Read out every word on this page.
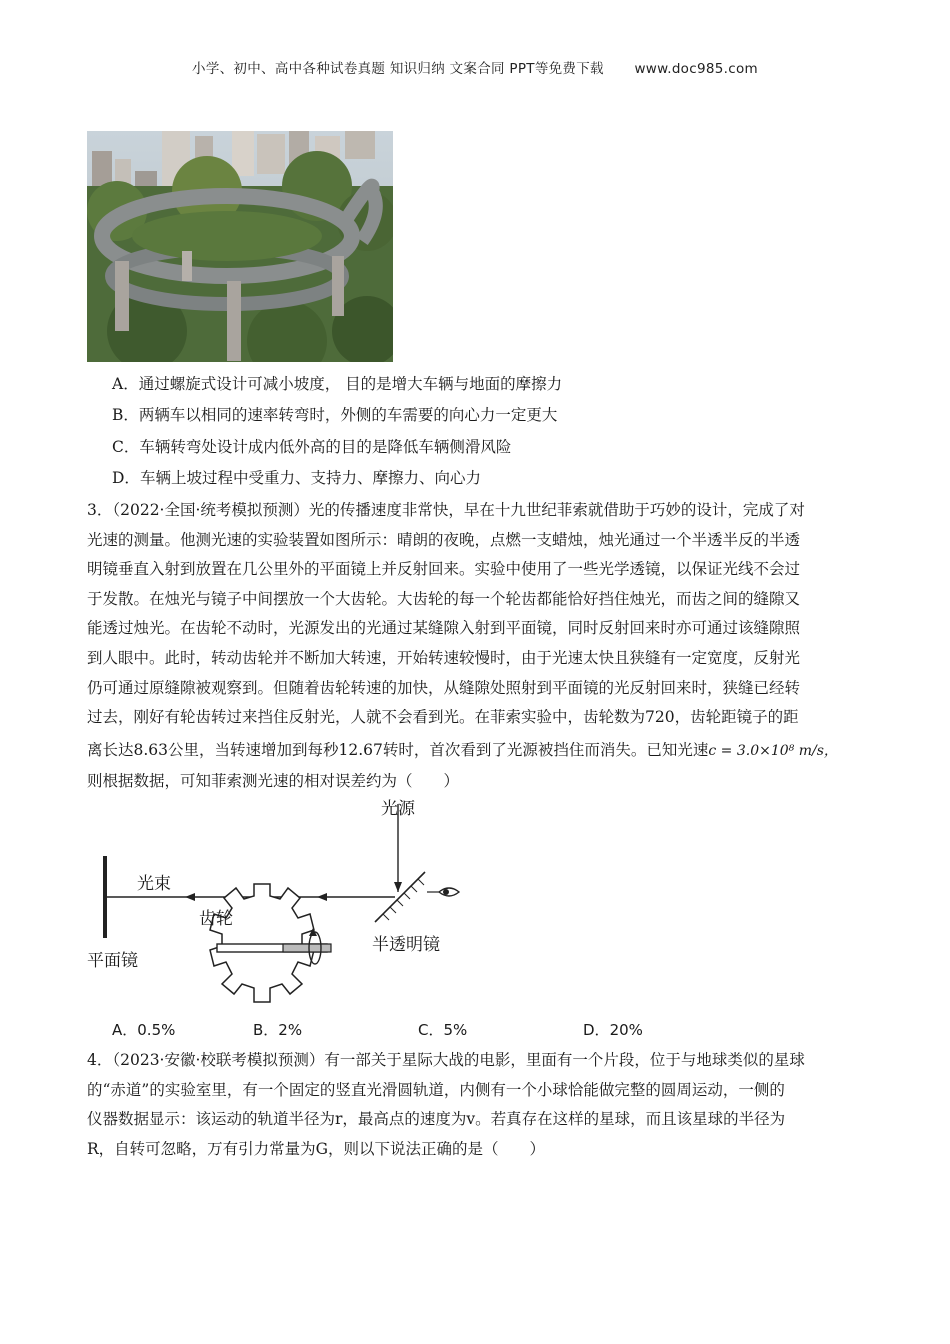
小学、初中、高中各种试卷真题 知识归纳 文案合同 PPT等免费下载 www.doc985.com
A．通过螺旋式设计可减小坡度， 目的是增大车辆与地面的摩擦力
B．两辆车以相同的速率转弯时，外侧的车需要的向心力一定更大
C．车辆转弯处设计成内低外高的目的是降低车辆侧滑风险
D．车辆上坡过程中受重力、支持力、摩擦力、向心力
3．（2022·全国·统考模拟预测）光的传播速度非常快，早在十九世纪菲索就借助于巧妙的设计，完成了对
光速的测量。他测光速的实验装置如图所示：晴朗的夜晚，点燃一支蜡烛，烛光通过一个半透半反的半透
明镜垂直入射到放置在几公里外的平面镜上并反射回来。实验中使用了一些光学透镜，以保证光线不会过
于发散。在烛光与镜子中间摆放一个大齿轮。大齿轮的每一个轮齿都能恰好挡住烛光，而齿之间的缝隙又
能透过烛光。在齿轮不动时，光源发出的光通过某缝隙入射到平面镜，同时反射回来时亦可通过该缝隙照
到人眼中。此时，转动齿轮并不断加大转速，开始转速较慢时，由于光速太快且狭缝有一定宽度，反射光
仍可通过原缝隙被观察到。但随着齿轮转速的加快，从缝隙处照射到平面镜的光反射回来时，狭缝已经转
过去，刚好有轮齿转过来挡住反射光，人就不会看到光。在菲索实验中，齿轮数为720，齿轮距镜子的距
离长达8.63公里，当转速增加到每秒12.67转时，首次看到了光源被挡住而消失。已知光速c = 3.0×10⁸ m/s，
则根据数据，可知菲索测光速的相对误差约为（　　）
光源
光束
齿轮
平面镜
半透明镜
A．0.5%	B．2%	C．5%	D．20%
4．（2023·安徽·校联考模拟预测）有一部关于星际大战的电影，里面有一个片段，位于与地球类似的星球
的“赤道”的实验室里，有一个固定的竖直光滑圆轨道，内侧有一个小球恰能做完整的圆周运动，一侧的
仪器数据显示：该运动的轨道半径为r，最高点的速度为v。若真存在这样的星球，而且该星球的半径为
R，自转可忽略，万有引力常量为G，则以下说法正确的是（　　）
